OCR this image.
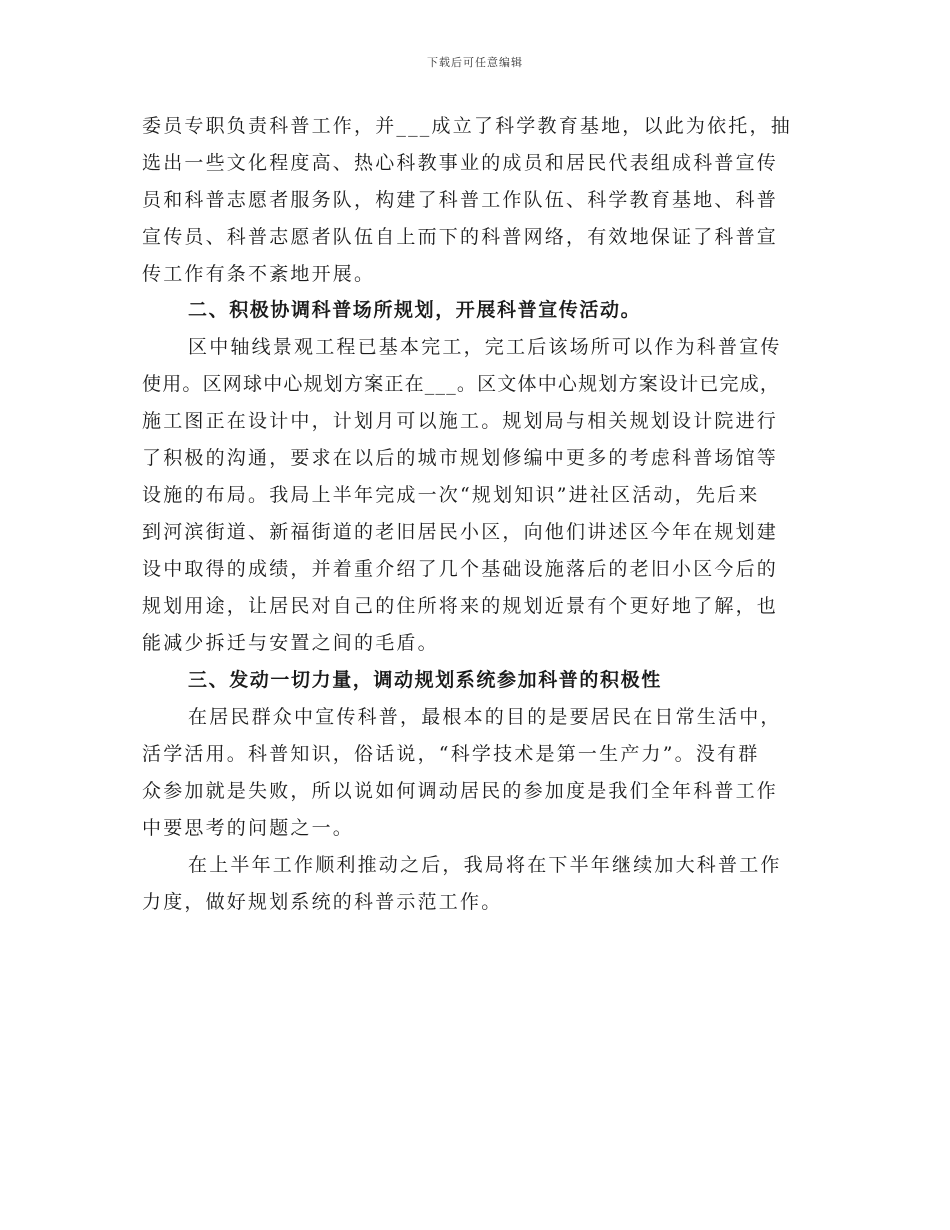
下载后可任意编辑
委员专职负责科普工作，并___成立了科学教育基地，以此为依托，抽
选出一些文化程度高、热心科教事业的成员和居民代表组成科普宣传
员和科普志愿者服务队，构建了科普工作队伍、科学教育基地、科普
宣传员、科普志愿者队伍自上而下的科普网络，有效地保证了科普宣
传工作有条不紊地开展。
二、积极协调科普场所规划，开展科普宣传活动。
区中轴线景观工程已基本完工，完工后该场所可以作为科普宣传
使用。区网球中心规划方案正在___。区文体中心规划方案设计已完成，
施工图正在设计中，计划月可以施工。规划局与相关规划设计院进行
了积极的沟通，要求在以后的城市规划修编中更多的考虑科普场馆等
设施的布局。我局上半年完成一次“规划知识”进社区活动，先后来
到河滨街道、新福街道的老旧居民小区，向他们讲述区今年在规划建
设中取得的成绩，并着重介绍了几个基础设施落后的老旧小区今后的
规划用途，让居民对自己的住所将来的规划近景有个更好地了解，也
能减少拆迁与安置之间的毛盾。
三、发动一切力量，调动规划系统参加科普的积极性
在居民群众中宣传科普，最根本的目的是要居民在日常生活中，
活学活用。科普知识，俗话说，“科学技术是第一生产力”。没有群
众参加就是失败，所以说如何调动居民的参加度是我们全年科普工作
中要思考的问题之一。
在上半年工作顺利推动之后，我局将在下半年继续加大科普工作
力度，做好规划系统的科普示范工作。
